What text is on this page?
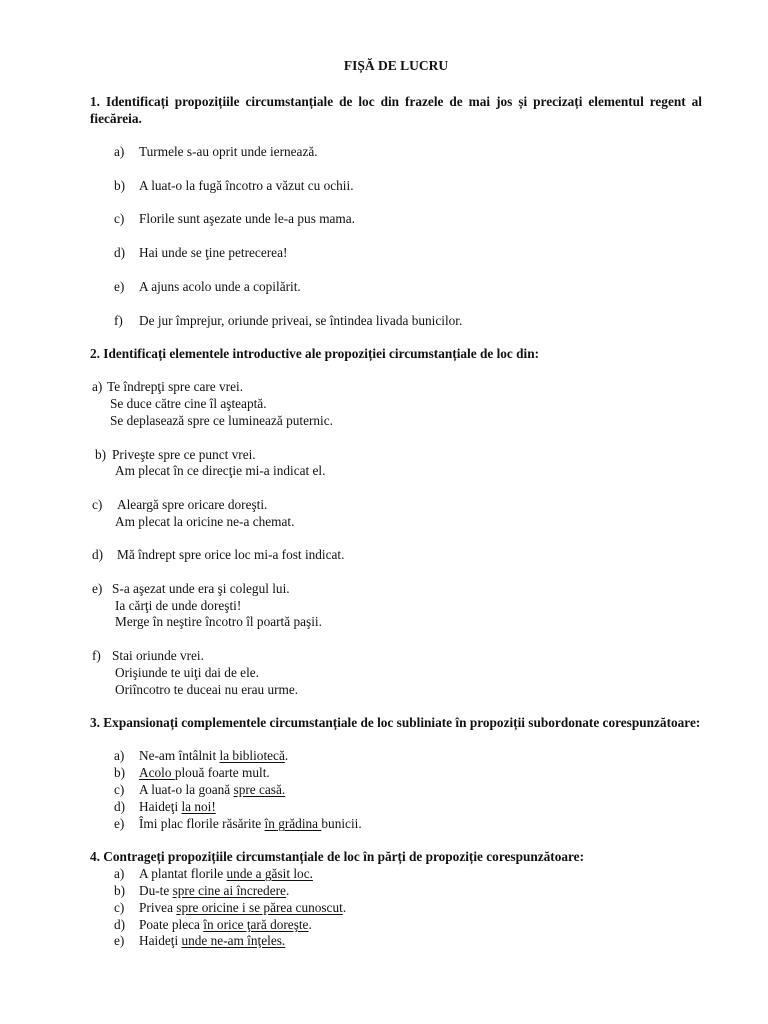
FIȘĂ DE LUCRU
1. Identificați propozițiile circumstanțiale de loc din frazele de mai jos și precizați elementul regent al fiecăreia.
a) Turmele s-au oprit unde iernează.
b) A luat-o la fugă încotro a văzut cu ochii.
c) Florile sunt aşezate unde le-a pus mama.
d) Hai unde se ţine petrecerea!
e) A ajuns acolo unde a copilărit.
f) De jur împrejur, oriunde priveai, se întindea livada bunicilor.
2. Identificați elementele introductive ale propoziției circumstanțiale de loc din:
a) Te îndrepţi spre care vrei.
Se duce către cine îl aşteaptă.
Se deplasează spre ce luminează puternic.
b) Priveşte spre ce punct vrei.
Am plecat în ce direcţie mi-a indicat el.
c) Aleargă spre oricare doreşti.
Am plecat la oricine ne-a chemat.
d) Mă îndrept spre orice loc mi-a fost indicat.
e) S-a aşezat unde era şi colegul lui.
Ia cărţi de unde doreşti!
Merge în neştire încotro îl poartă paşii.
f) Stai oriunde vrei.
Orişiunde te uiţi dai de ele.
Oriîncotro te duceai nu erau urme.
3. Expansionați complementele circumstanțiale de loc subliniate în propoziții subordonate corespunzătoare:
a) Ne-am întâlnit la bibliotecă.
b) Acolo plouă foarte mult.
c) A luat-o la goană spre casă.
d) Haideţi la noi!
e) Îmi plac florile răsărite în grădina bunicii.
4. Contrageți propozițiile circumstanțiale de loc în părți de propoziție corespunzătoare:
a) A plantat florile unde a găsit loc.
b) Du-te spre cine ai încredere.
c) Privea spre oricine i se părea cunoscut.
d) Poate pleca în orice ţară doreşte.
e) Haideţi unde ne-am înţeles.
